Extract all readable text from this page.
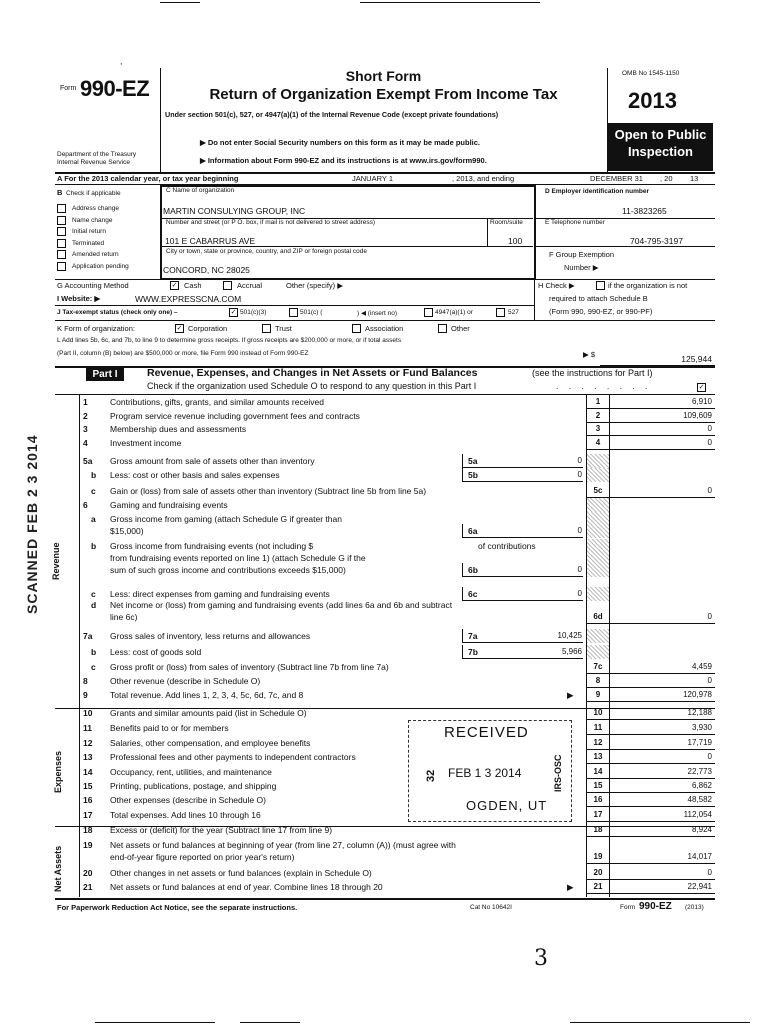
,
Form 990-EZ
Department of the Treasury
Internal Revenue Service
Short Form
Return of Organization Exempt From Income Tax
Under section 501(c), 527, or 4947(a)(1) of the Internal Revenue Code (except private foundations)
▶ Do not enter Social Security numbers on this form as it may be made public.
▶ Information about Form 990-EZ and its instructions is at www.irs.gov/form990.
OMB No 1545-1150
2013
Open to Public
Inspection
A For the 2013 calendar year, or tax year beginning	JANUARY 1	, 2013, and ending	DECEMBER 31 , 20 13
B Check if applicable
Address change
Name change
Initial return
Terminated
Amended return
Application pending
C Name of organization
MARTIN CONSULYING GROUP, INC
Number and street (or P O. box, if mail is not delivered to street address)	Room/suite
101 E CABARRUS AVE	100
City or town, state or province, country, and ZIP or foreign postal code
CONCORD, NC 28025
D Employer identification number
11-3823265
E Telephone number
704-795-3197
F Group Exemption
Number ▶
G Accounting Method	✓ Cash	Accrual	Other (specify) ▶	H Check ▶	if the organization is not
required to attach Schedule B
(Form 990, 990-EZ, or 990-PF)
I Website: ▶	WWW.EXPRESSCNA.COM
J Tax-exempt status (check only one) –	✓ 501(c)(3)	501(c) (	) ◀ (insert no)	4947(a)(1) or	527
K Form of organization:	✓ Corporation	Trust	Association	Other
L Add lines 5b, 6c, and 7b, to line 9 to determine gross receipts. If gross receipts are $200,000 or more, or if total assets
(Part II, column (B) below) are $500,000 or more, file Form 990 instead of Form 990-EZ	▶ $	125,944
Part I	Revenue, Expenses, and Changes in Net Assets or Fund Balances	(see the instructions for Part I)
Check if the organization used Schedule O to respond to any question in this Part I	. . . . . . . .	✓
Revenue
Expenses
Net Assets
1	Contributions, gifts, grants, and similar amounts received	1	6,910
2	Program service revenue including government fees and contracts	2	109,609
3	Membership dues and assessments	3	0
4	Investment income	4	0
5a	Gross amount from sale of assets other than inventory	5a	0
b	Less: cost or other basis and sales expenses	5b	0
c	Gain or (loss) from sale of assets other than inventory (Subtract line 5b from line 5a)	5c	0
6	Gaming and fundraising events
a	Gross income from gaming (attach Schedule G if greater than
$15,000)	6a	0
b	Gross income from fundraising events (not including $	of contributions
from fundraising events reported on line 1) (attach Schedule G if the
sum of such gross income and contributions exceeds $15,000)	6b	0
c	Less: direct expenses from gaming and fundraising events	6c	0
d	Net income or (loss) from gaming and fundraising events (add lines 6a and 6b and subtract
line 6c)	6d	0
7a	Gross sales of inventory, less returns and allowances	7a	10,425
b	Less: cost of goods sold	7b	5,966
c	Gross profit or (loss) from sales of inventory (Subtract line 7b from line 7a)	7c	4,459
8	Other revenue (describe in Schedule O)	8	0
9	Total revenue. Add lines 1, 2, 3, 4, 5c, 6d, 7c, and 8	▶	9	120,978
10	Grants and similar amounts paid (list in Schedule O)	10	12,188
11	Benefits paid to or for members	11	3,930
12	Salaries, other compensation, and employee benefits	12	17,719
13	Professional fees and other payments to independent contractors	13	0
14	Occupancy, rent, utilities, and maintenance	14	22,773
15	Printing, publications, postage, and shipping	15	6,862
16	Other expenses (describe in Schedule O)	16	48,582
17	Total expenses. Add lines 10 through 16	17	112,054
18	Excess or (deficit) for the year (Subtract line 17 from line 9)	18	8,924
19	Net assets or fund balances at beginning of year (from line 27, column (A)) (must agree with
end-of-year figure reported on prior year's return)	19	14,017
20	Other changes in net assets or fund balances (explain in Schedule O)	20	0
21	Net assets or fund balances at end of year. Combine lines 18 through 20	▶	21	22,941
RECEIVED
FEB 1 3 2014
OGDEN, UT
32	IRS-OSC
SCANNED FEB 2 3 2014
For Paperwork Reduction Act Notice, see the separate instructions.	Cat No 10642I	Form 990-EZ (2013)
3
